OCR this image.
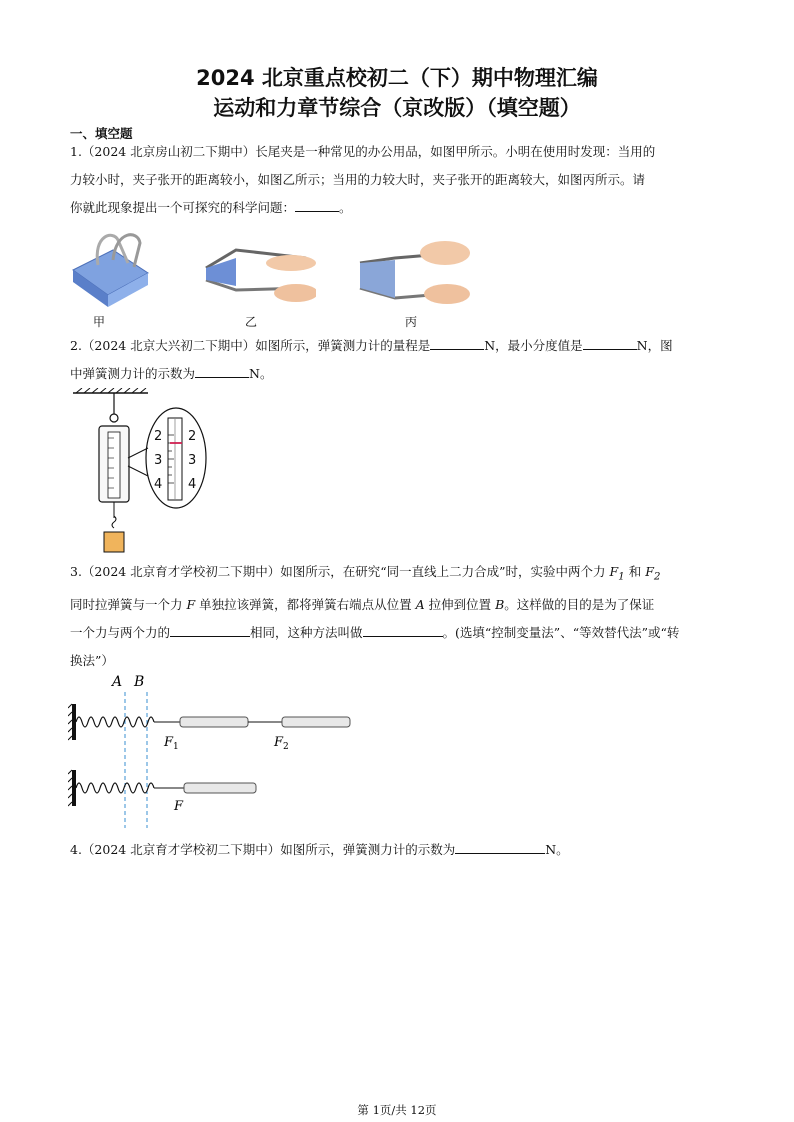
2024 北京重点校初二（下）期中物理汇编
运动和力章节综合（京改版）（填空题）
一、填空题
1.（2024 北京房山初二下期中）长尾夹是一种常见的办公用品，如图甲所示。小明在使用时发现：当用的
力较小时，夹子张开的距离较小，如图乙所示；当用的力较大时，夹子张开的距离较大，如图丙所示。请
你就此现象提出一个可探究的科学问题：	。
甲	乙	丙
2.（2024 北京大兴初二下期中）如图所示，弹簧测力计的量程是	N，最小分度值是	N，图
中弹簧测力计的示数为	N。
2 2
3 3
4 4
3.（2024 北京育才学校初二下期中）如图所示，在研究“同一直线上二力合成”时，实验中两个力 $F_1$ 和 $F_2$
同时拉弹簧与一个力 F 单独拉该弹簧，都将弹簧右端点从位置 A 拉伸到位置 B。这样做的目的是为了保证
一个力与两个力的	相同，这种方法叫做	。(选填“控制变量法”、“等效替代法”或“转
换法”）
A B
F 1	F 2
F
4.（2024 北京育才学校初二下期中）如图所示，弹簧测力计的示数为	N。
第 1页/共 12页
